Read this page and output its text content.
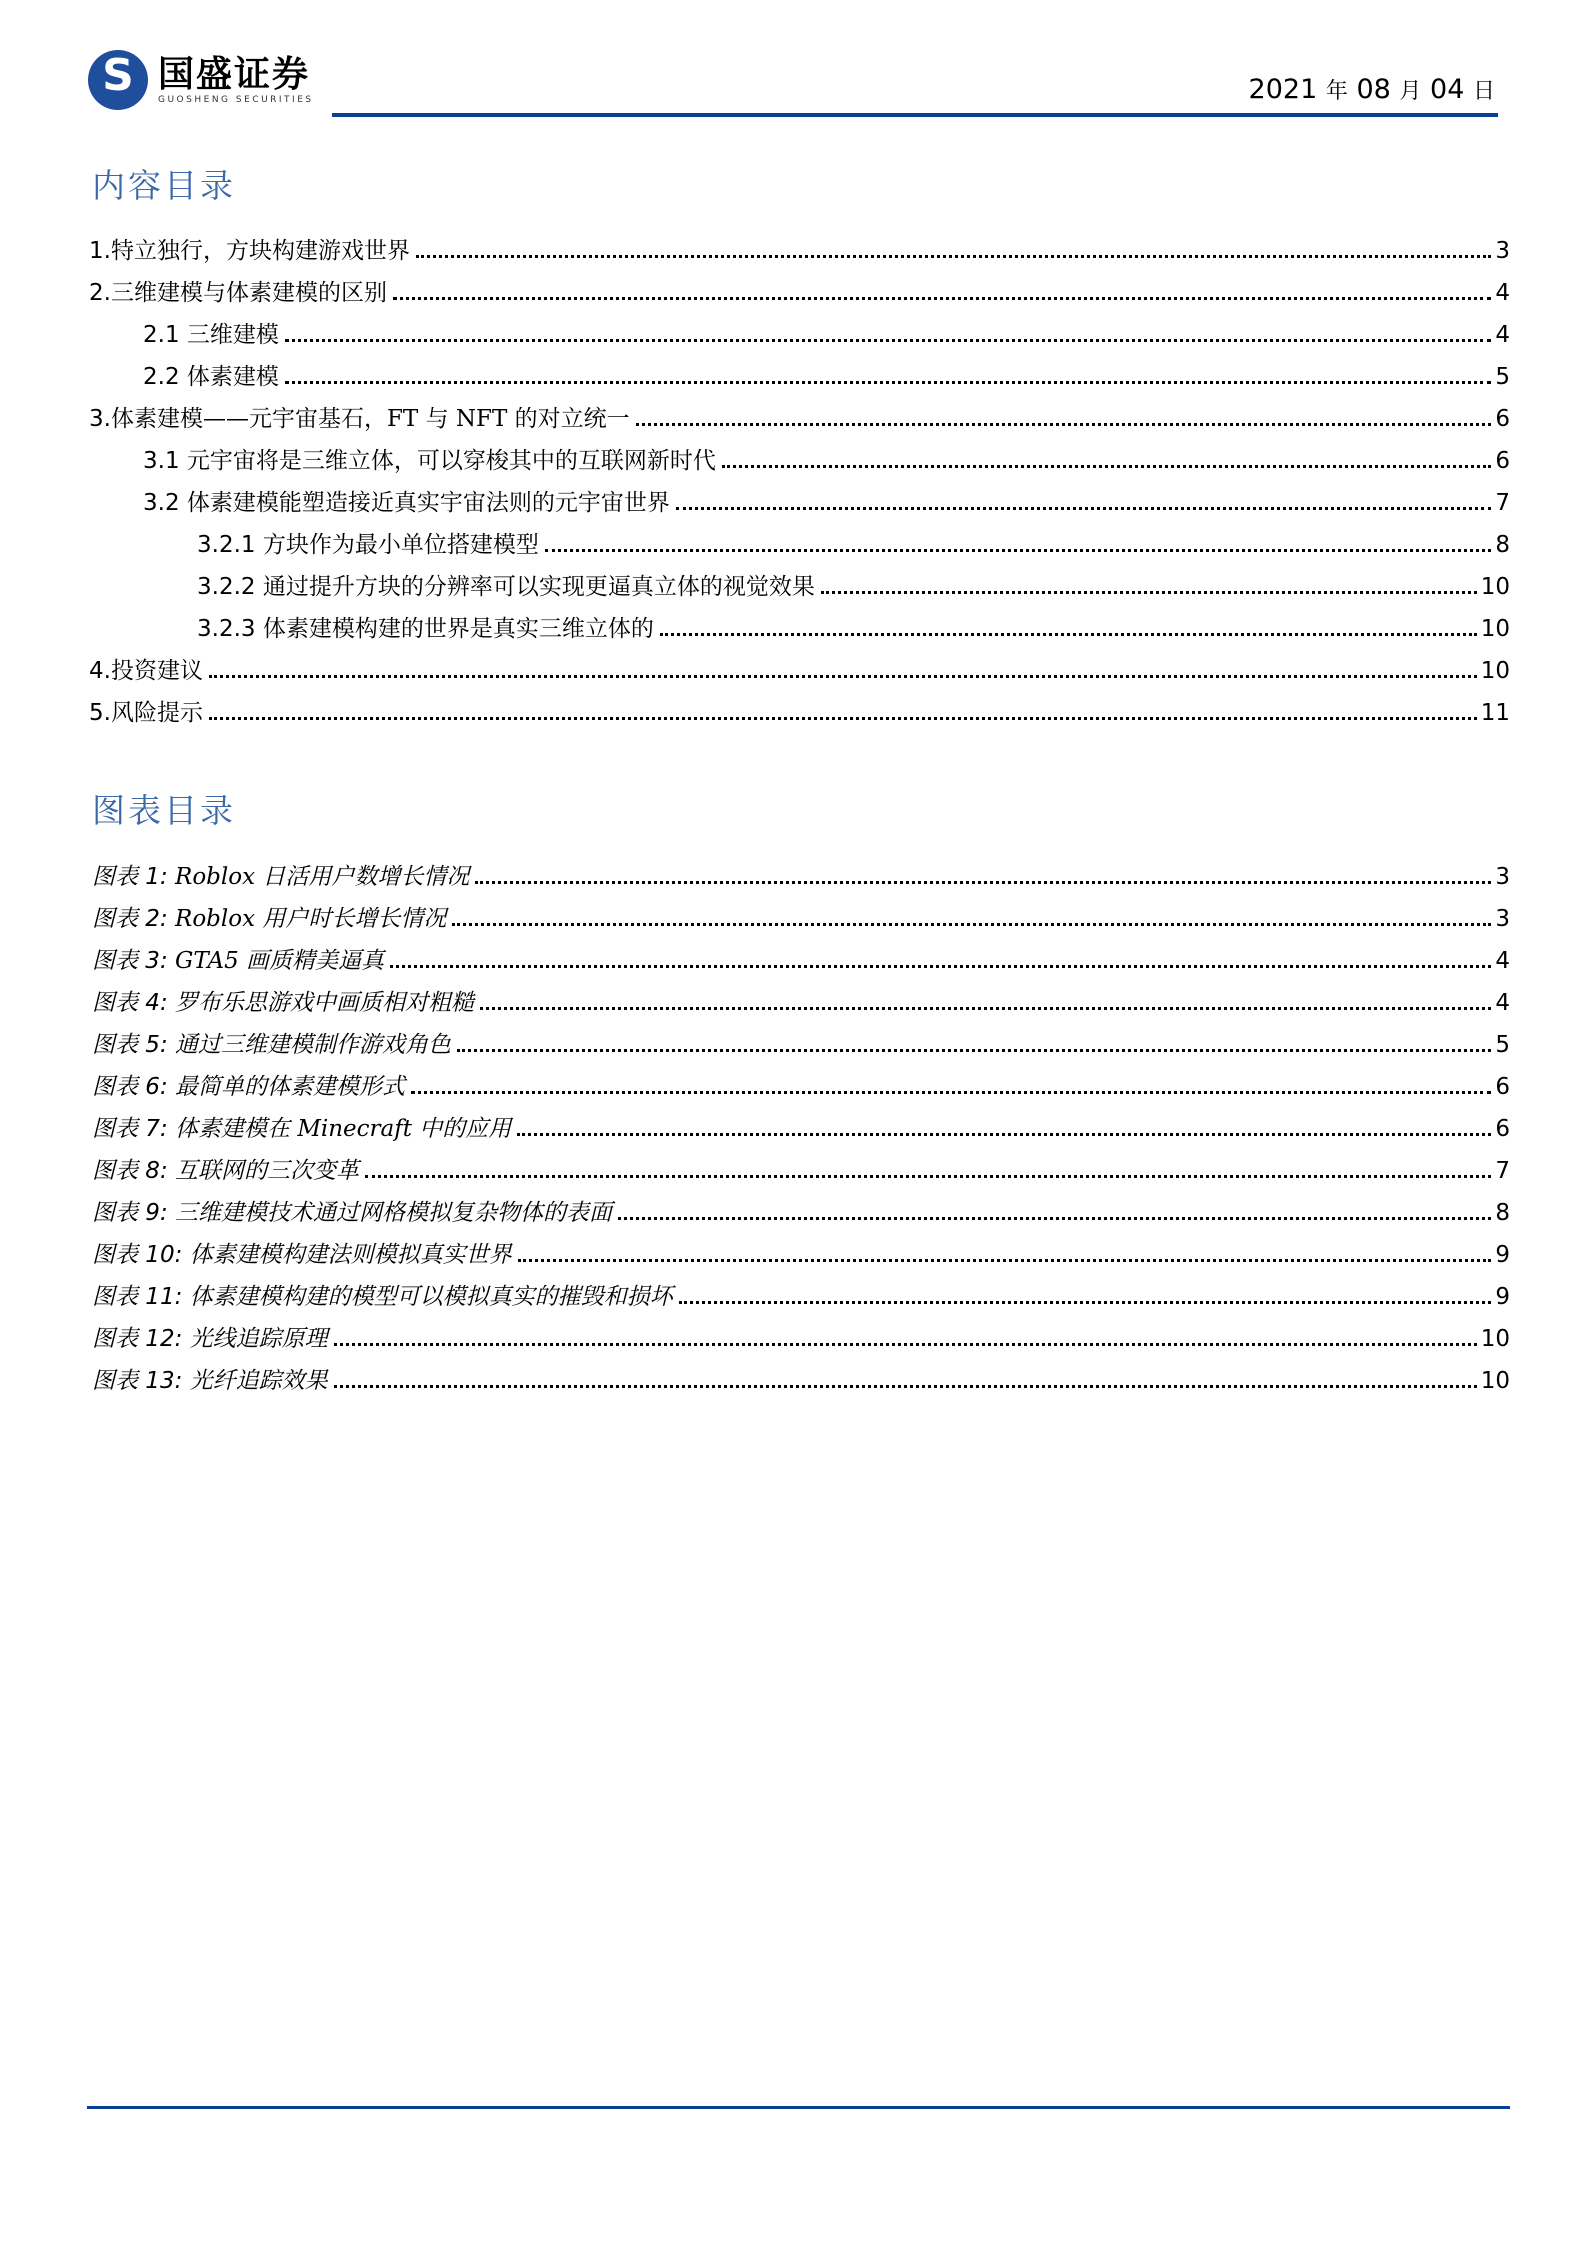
S
国盛证券
GUOSHENG SECURITIES	2021 年 08 月 04 日
内容目录
1.特立独行，方块构建游戏世界	3
2.三维建模与体素建模的区别	4
2.1 三维建模	4
2.2 体素建模	5
3.体素建模——元宇宙基石，FT 与 NFT 的对立统一	6
3.1 元宇宙将是三维立体，可以穿梭其中的互联网新时代	6
3.2 体素建模能塑造接近真实宇宙法则的元宇宙世界	7
3.2.1 方块作为最小单位搭建模型	8
3.2.2 通过提升方块的分辨率可以实现更逼真立体的视觉效果	10
3.2.3 体素建模构建的世界是真实三维立体的	10
4.投资建议	10
5.风险提示	11
图表目录
图表 1: Roblox 日活用户数增长情况	3
图表 2: Roblox 用户时长增长情况	3
图表 3: GTA5 画质精美逼真	4
图表 4: 罗布乐思游戏中画质相对粗糙	4
图表 5: 通过三维建模制作游戏角色	5
图表 6: 最简单的体素建模形式	6
图表 7: 体素建模在 Minecraft 中的应用	6
图表 8: 互联网的三次变革	7
图表 9: 三维建模技术通过网格模拟复杂物体的表面	8
图表 10: 体素建模构建法则模拟真实世界	9
图表 11: 体素建模构建的模型可以模拟真实的摧毁和损坏	9
图表 12: 光线追踪原理	10
图表 13: 光纤追踪效果	10
